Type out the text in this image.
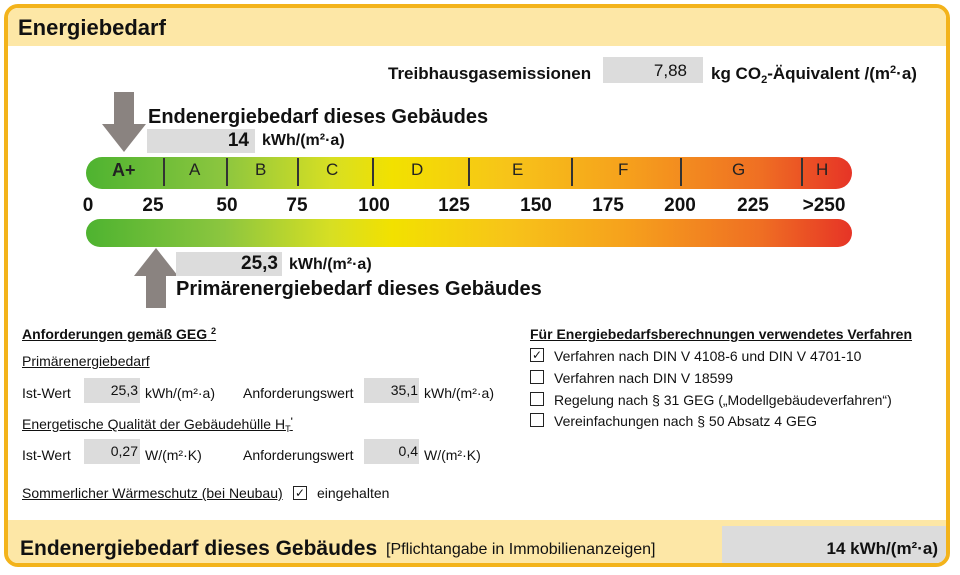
Energiebedarf
Treibhausgasemissionen	7,88 kg $CO_2$-Äquivalent $/(m^2\cdot a)$
Endenergiebedarf dieses Gebäudes
14 kWh/(m²·a)
A+	A	B	C	D	E	F	G	H
0	25	50	75	100	125	150 175 200 225 >250
25,3 kWh/(m²·a)
Primärenergiebedarf dieses Gebäudes
Anforderungen gemäß GEG $^2$
Primärenergiebedarf
Ist-Wert	25,3 kWh/(m²·a) Anforderungswert	35,1 kWh/(m²·a)
Energetische Qualität der Gebäudehülle $H_T'$
Ist-Wert	0,27 W/(m²·K)	Anforderungswert	0,4 W/(m²·K)
Sommerlicher Wärmeschutz (bei Neubau) ✓ eingehalten
Für Energiebedarfsberechnungen verwendetes Verfahren
✓ Verfahren nach DIN V 4108-6 und DIN V 4701-10
Verfahren nach DIN V 18599
Regelung nach § 31 GEG („Modellgebäudeverfahren“)
Vereinfachungen nach § 50 Absatz 4 GEG
Endenergiebedarf dieses Gebäudes [Pflichtangabe in Immobilienanzeigen]	14 kWh/(m²·a)
